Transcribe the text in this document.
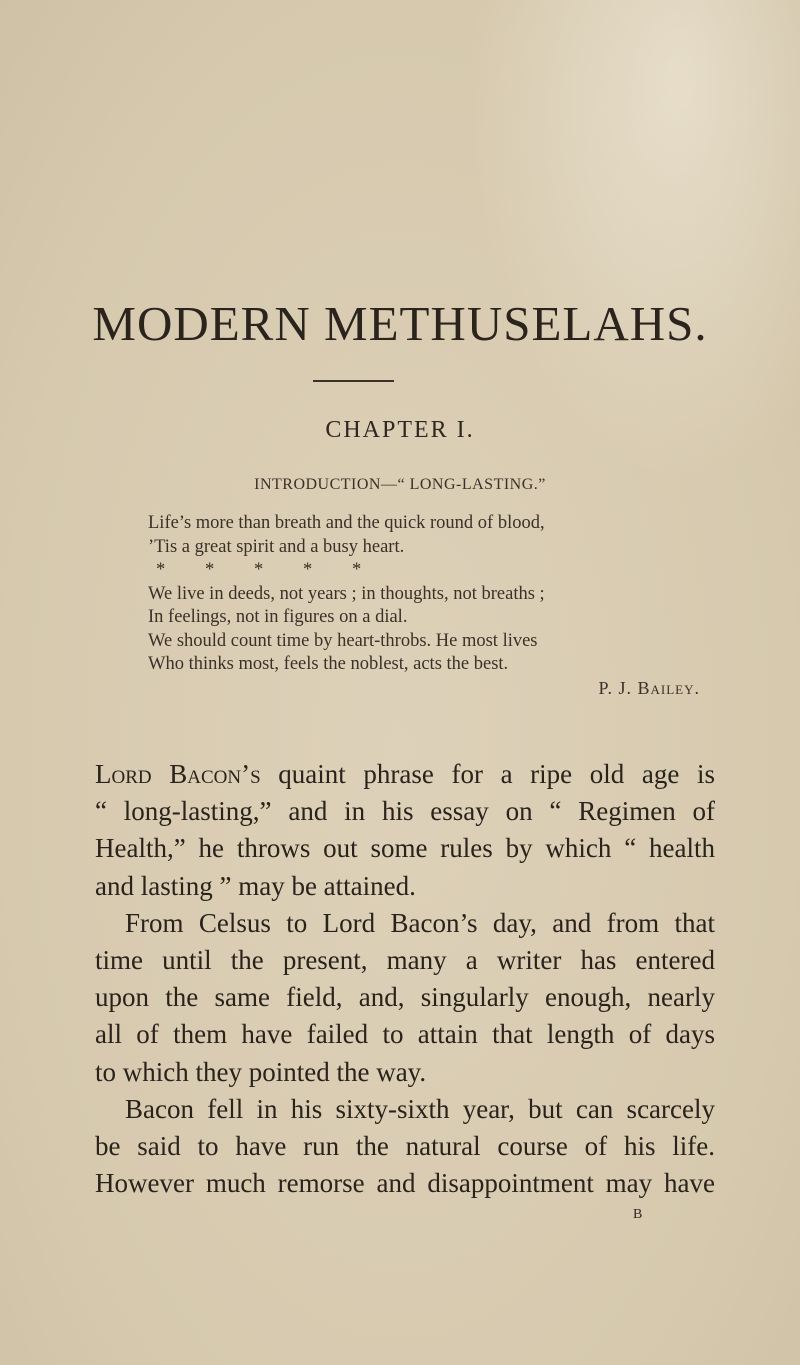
MODERN METHUSELAHS.
CHAPTER I.
INTRODUCTION—“ LONG-LASTING.”
Life’s more than breath and the quick round of blood,
’Tis a great spirit and a busy heart.
* * * * *
We live in deeds, not years ; in thoughts, not breaths ;
In feelings, not in figures on a dial.
We should count time by heart-throbs. He most lives
Who thinks most, feels the noblest, acts the best.
P. J. Bailey.
Lord Bacon’s quaint phrase for a ripe old age is
“ long-lasting,” and in his essay on “ Regimen of
Health,” he throws out some rules by which “ health
and lasting ” may be attained.
From Celsus to Lord Bacon’s day, and from that
time until the present, many a writer has entered
upon the same field, and, singularly enough, nearly
all of them have failed to attain that length of days
to which they pointed the way.
Bacon fell in his sixty-sixth year, but can scarcely
be said to have run the natural course of his life.
However much remorse and disappointment may have
B
